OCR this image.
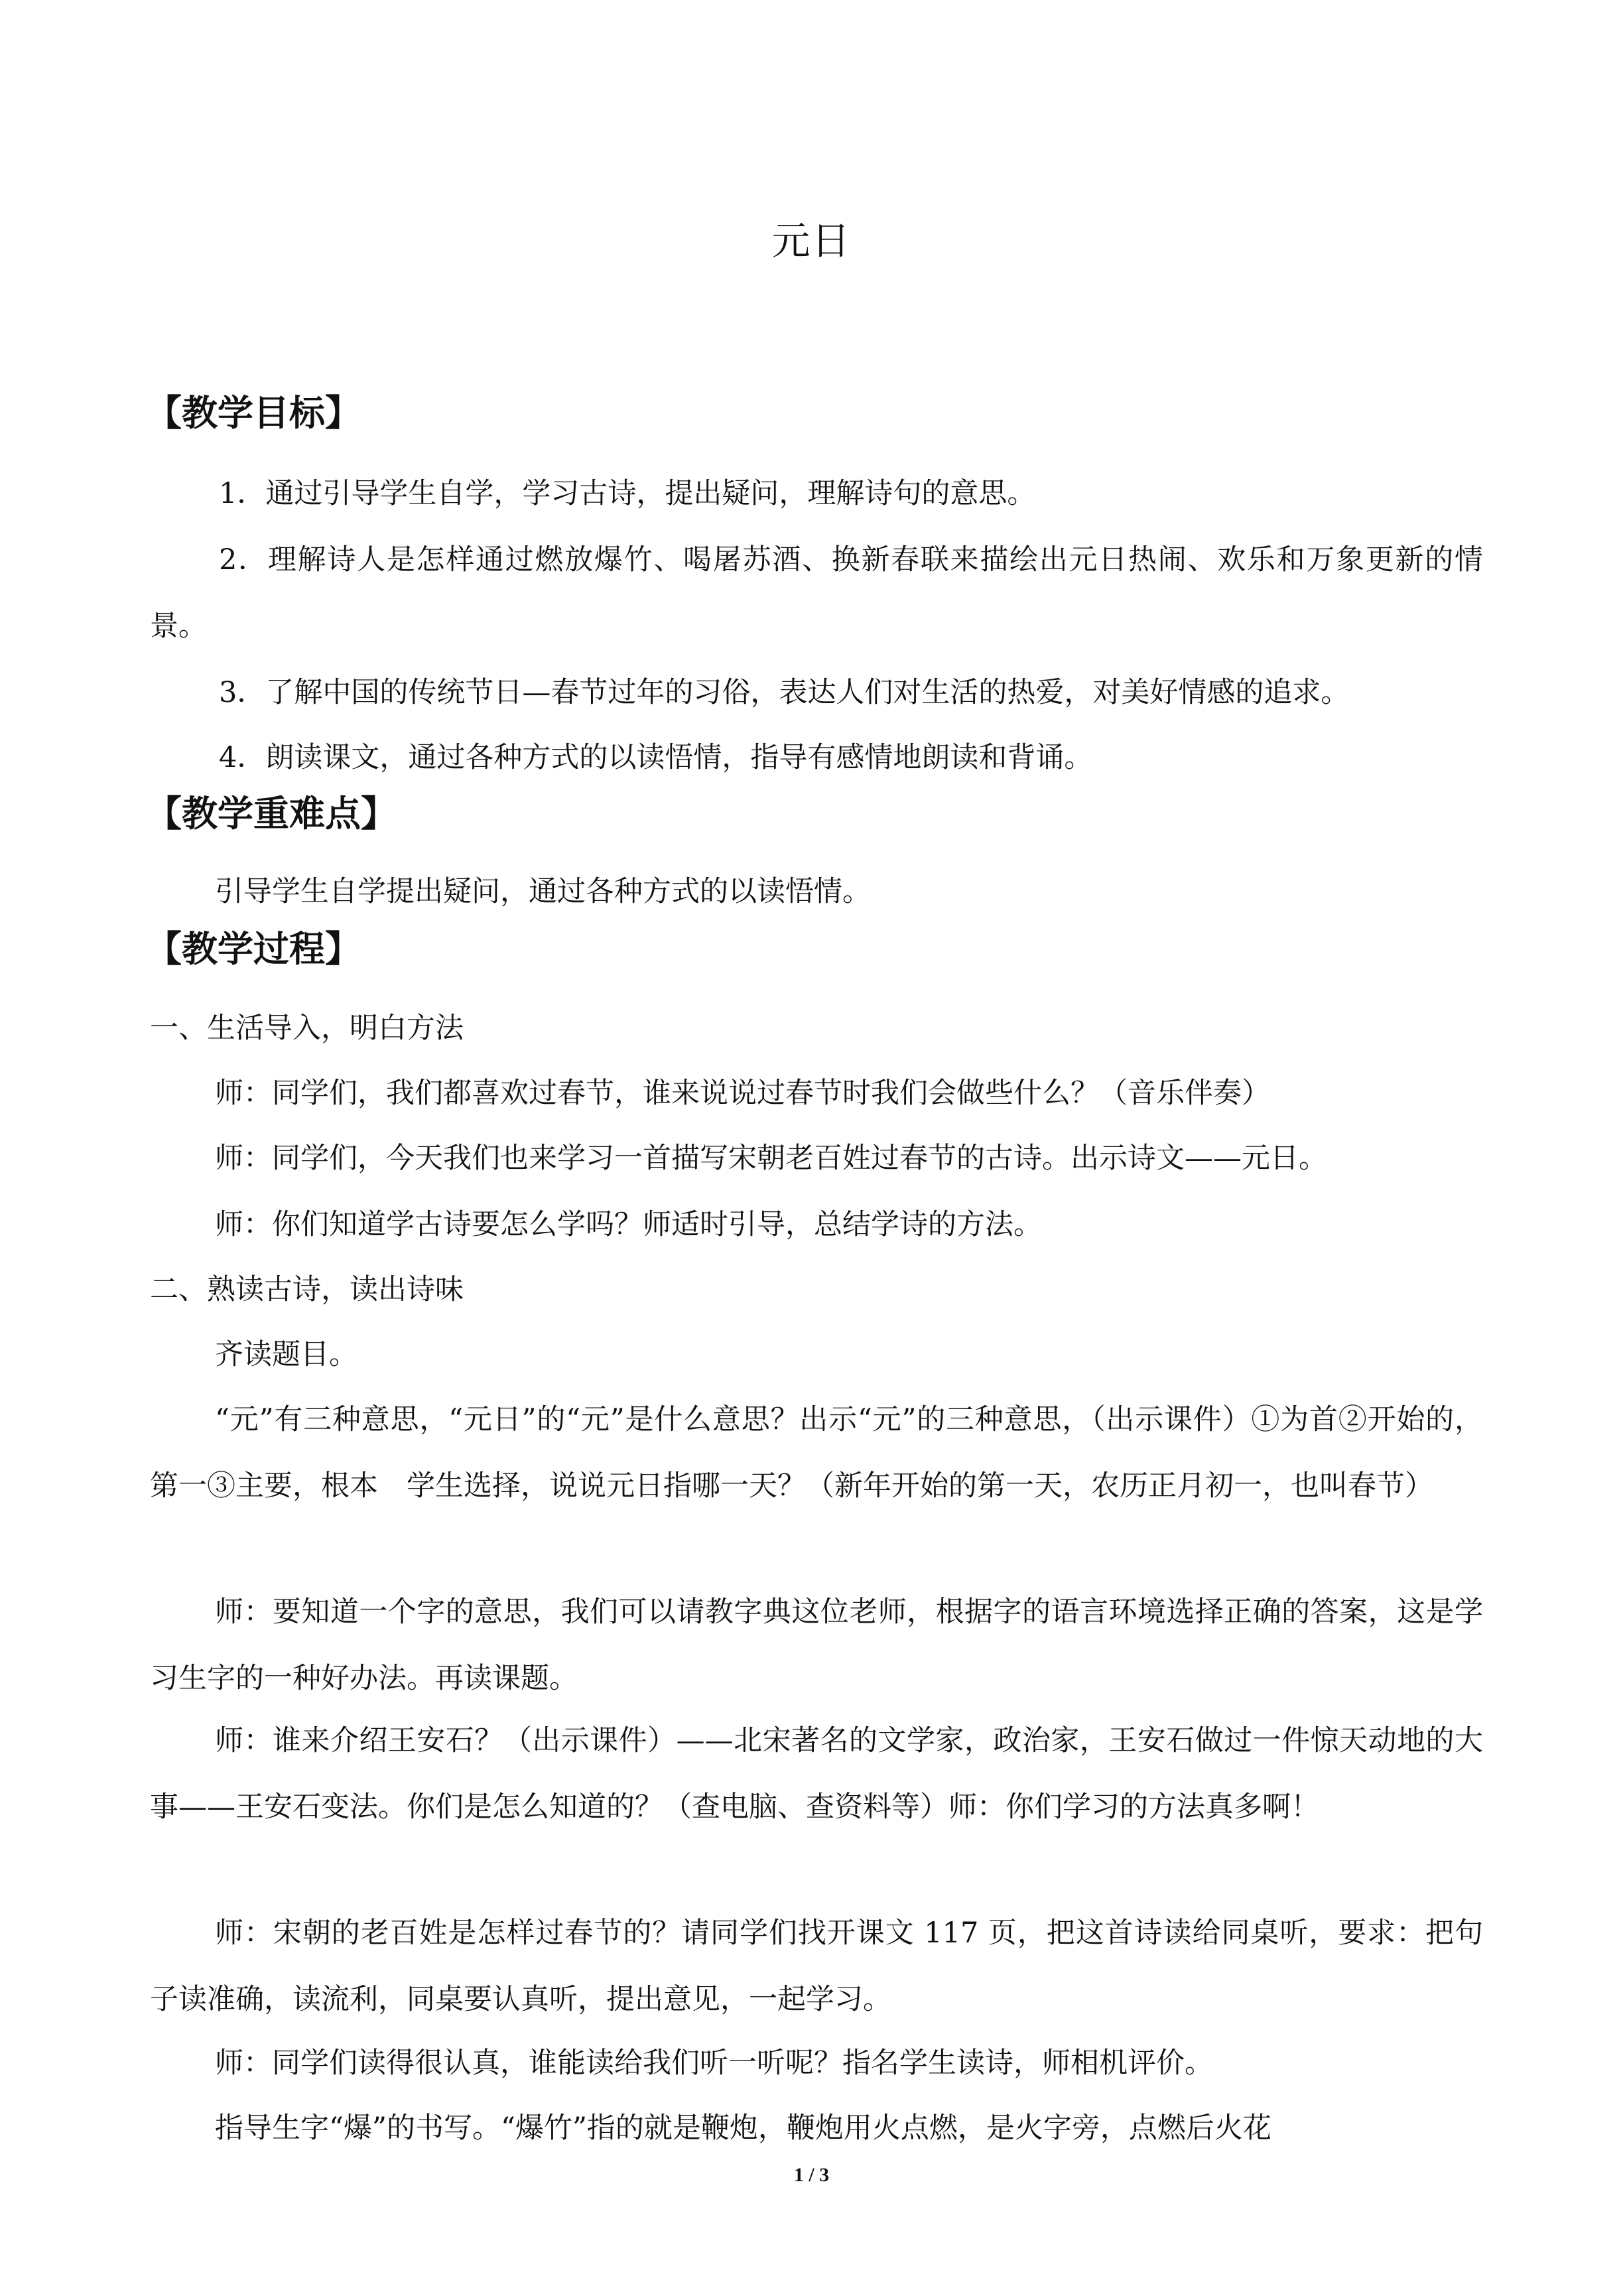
元日
【教学目标】

1．通过引导学生自学，学习古诗，提出疑问，理解诗句的意思。

2．理解诗人是怎样通过燃放爆竹、喝屠苏酒、换新春联来描绘出元日热闹、欢乐和万象更新的情景。

3．了解中国的传统节日—春节过年的习俗，表达人们对生活的热爱，对美好情感的追求。

4．朗读课文，通过各种方式的以读悟情，指导有感情地朗读和背诵。

【教学重难点】

引导学生自学提出疑问，通过各种方式的以读悟情。

【教学过程】

一、生活导入，明白方法

师：同学们，我们都喜欢过春节，谁来说说过春节时我们会做些什么？（音乐伴奏）

师：同学们，今天我们也来学习一首描写宋朝老百姓过春节的古诗。出示诗文——元日。

师：你们知道学古诗要怎么学吗？师适时引导，总结学诗的方法。

二、熟读古诗，读出诗味

齐读题目。

“元”有三种意思，“元日”的“元”是什么意思？出示“元”的三种意思，（出示课件）①为首②开始的，第一③主要，根本　学生选择，说说元日指哪一天？（新年开始的第一天，农历正月初一，也叫春节）

师：要知道一个字的意思，我们可以请教字典这位老师，根据字的语言环境选择正确的答案，这是学习生字的一种好办法。再读课题。

师：谁来介绍王安石？（出示课件）——北宋著名的文学家，政治家，王安石做过一件惊天动地的大事——王安石变法。你们是怎么知道的？（查电脑、查资料等）师：你们学习的方法真多啊！

师：宋朝的老百姓是怎样过春节的？请同学们找开课文 117 页，把这首诗读给同桌听，要求：把句子读准确，读流利，同桌要认真听，提出意见，一起学习。

师：同学们读得很认真，谁能读给我们听一听呢？指名学生读诗，师相机评价。

指导生字“爆”的书写。“爆竹”指的就是鞭炮，鞭炮用火点燃，是火字旁，点燃后火花

1 / 3
